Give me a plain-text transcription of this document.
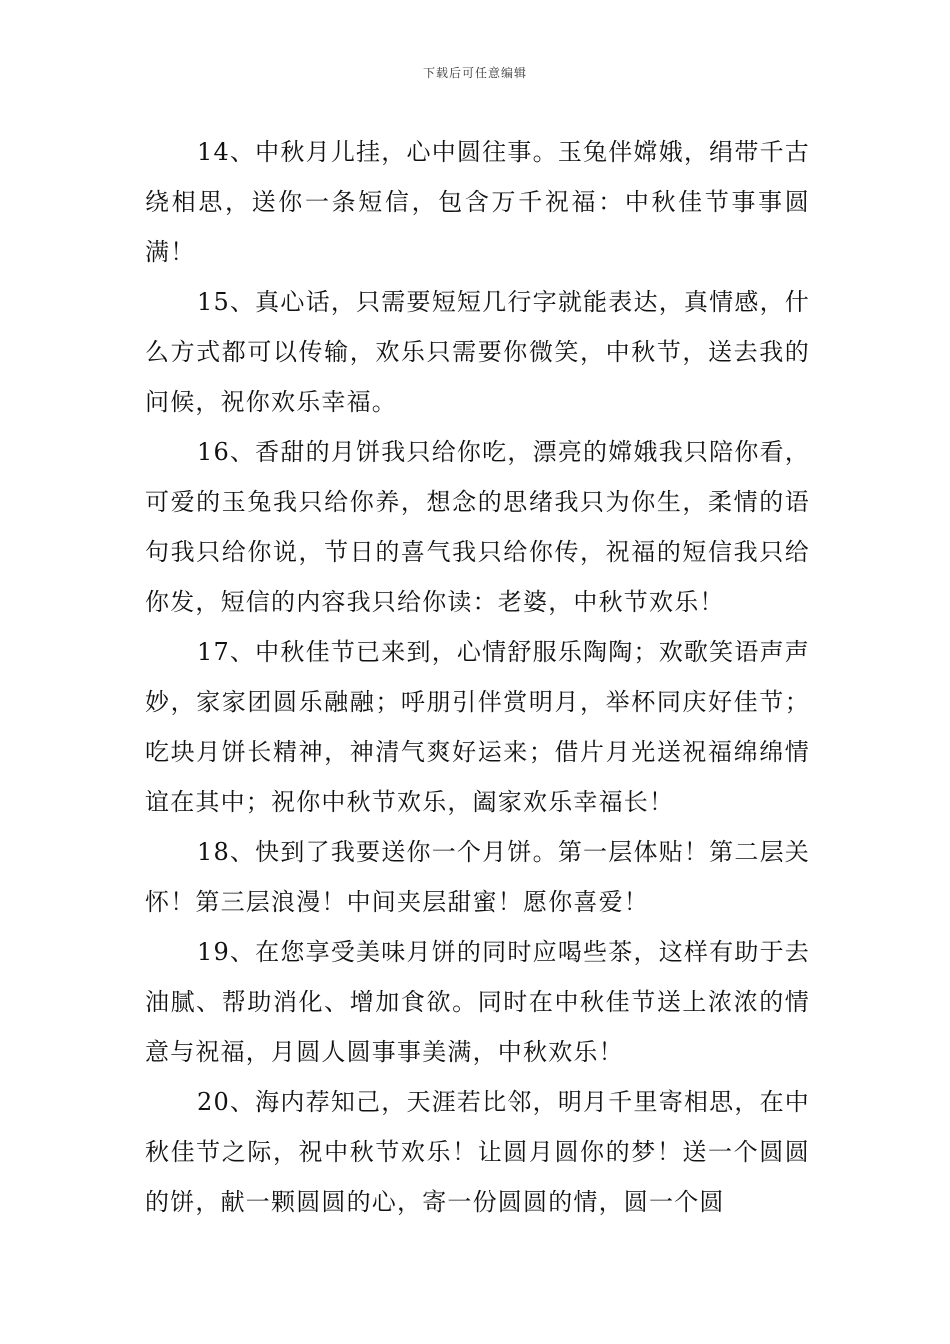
下载后可任意编辑

14、中秋月儿挂，心中圆往事。玉兔伴嫦娥，绢带千古绕相思，送你一条短信，包含万千祝福：中秋佳节事事圆满！

15、真心话，只需要短短几行字就能表达，真情感，什么方式都可以传输，欢乐只需要你微笑，中秋节，送去我的问候，祝你欢乐幸福。

16、香甜的月饼我只给你吃，漂亮的嫦娥我只陪你看，可爱的玉兔我只给你养，想念的思绪我只为你生，柔情的语句我只给你说，节日的喜气我只给你传，祝福的短信我只给你发，短信的内容我只给你读：老婆，中秋节欢乐！

17、中秋佳节已来到，心情舒服乐陶陶；欢歌笑语声声妙，家家团圆乐融融；呼朋引伴赏明月，举杯同庆好佳节；吃块月饼长精神，神清气爽好运来；借片月光送祝福绵绵情谊在其中；祝你中秋节欢乐，阖家欢乐幸福长！

18、快到了我要送你一个月饼。第一层体贴！第二层关怀！第三层浪漫！中间夹层甜蜜！愿你喜爱！

19、在您享受美味月饼的同时应喝些茶，这样有助于去油腻、帮助消化、增加食欲。同时在中秋佳节送上浓浓的情意与祝福，月圆人圆事事美满，中秋欢乐！

20、海内荐知己，天涯若比邻，明月千里寄相思，在中秋佳节之际，祝中秋节欢乐！让圆月圆你的梦！送一个圆圆的饼，献一颗圆圆的心，寄一份圆圆的情，圆一个圆
